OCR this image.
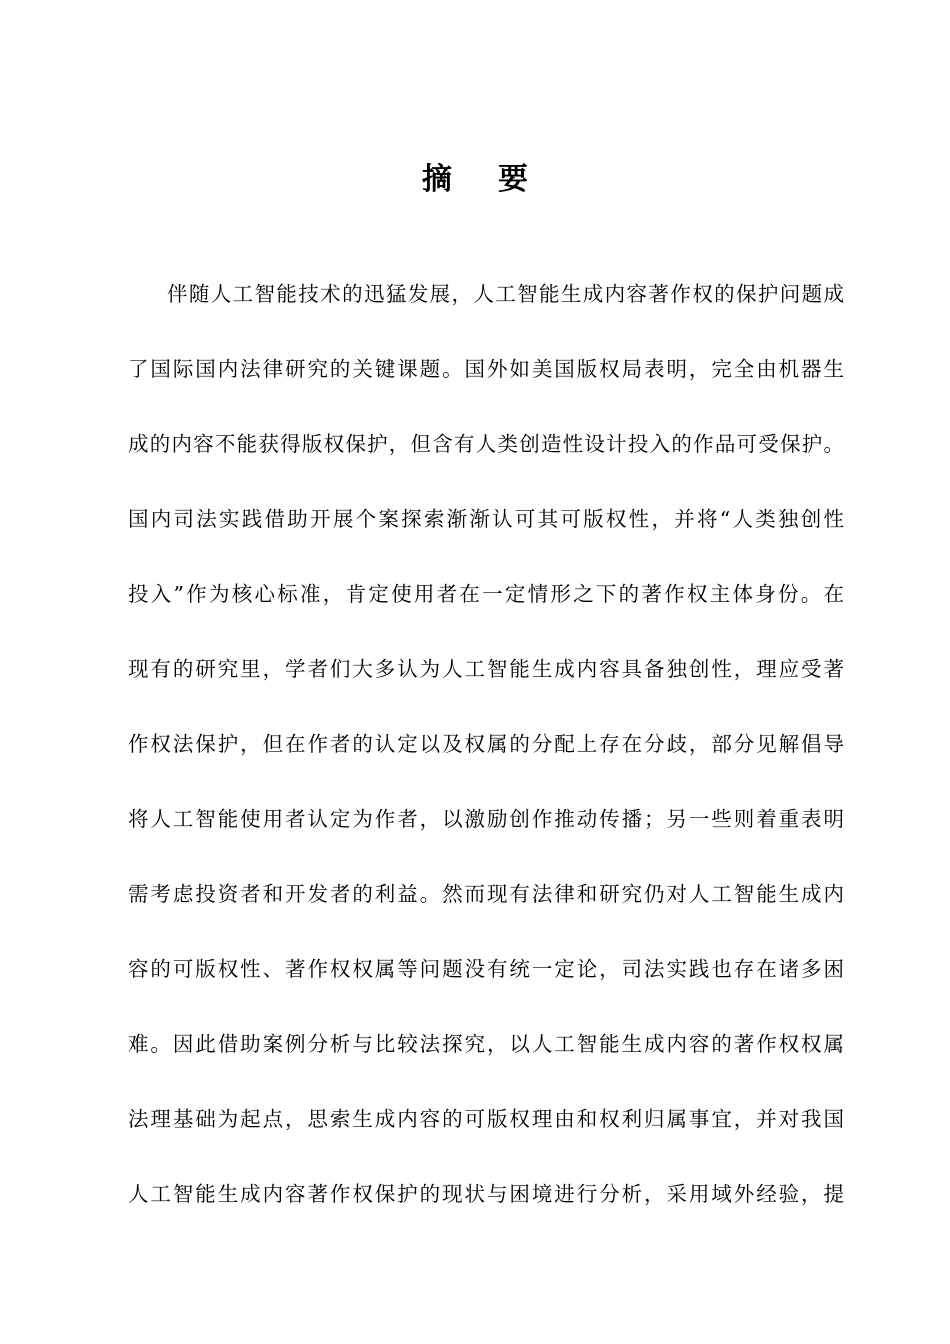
摘要
伴随人工智能技术的迅猛发展，人工智能生成内容著作权的保护问题成
了国际国内法律研究的关键课题。国外如美国版权局表明，完全由机器生
成的内容不能获得版权保护，但含有人类创造性设计投入的作品可受保护。
国内司法实践借助开展个案探索渐渐认可其可版权性，并将“人类独创性
投入”作为核心标准，肯定使用者在一定情形之下的著作权主体身份。在
现有的研究里，学者们大多认为人工智能生成内容具备独创性，理应受著
作权法保护，但在作者的认定以及权属的分配上存在分歧，部分见解倡导
将人工智能使用者认定为作者，以激励创作推动传播；另一些则着重表明
需考虑投资者和开发者的利益。然而现有法律和研究仍对人工智能生成内
容的可版权性、著作权权属等问题没有统一定论，司法实践也存在诸多困
难。因此借助案例分析与比较法探究，以人工智能生成内容的著作权权属
法理基础为起点，思索生成内容的可版权理由和权利归属事宜，并对我国
人工智能生成内容著作权保护的现状与困境进行分析，采用域外经验，提
